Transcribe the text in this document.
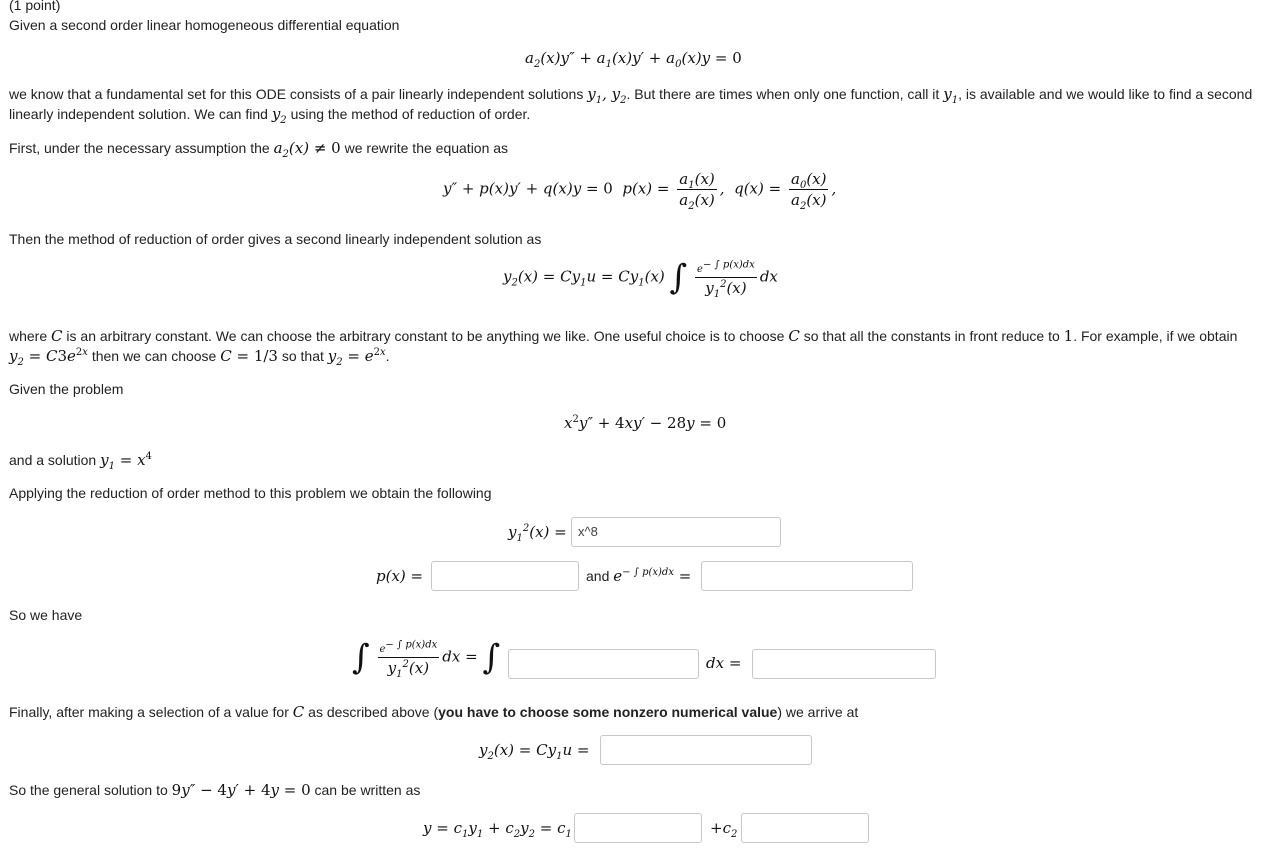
(1 point)
Given a second order linear homogeneous differential equation
$a_2(x)y'' + a_1(x)y' + a_0(x)y = 0$
we know that a fundamental set for this ODE consists of a pair linearly independent solutions $y_1$, $y_2$. But there are times when only one function, call it $y_1$, is available and we would like to find a second
linearly independent solution. We can find $y_2$ using the method of reduction of order.
First, under the necessary assumption the $a_2(x) \ne 0$ we rewrite the equation as
y″ + p(x)y′ + q(x)y = 0  $p(x) = \frac{a_1(x)}{a_2(x)}$ ,  $q(x) = \frac{a_0(x)}{a_2(x)}$ ,
Then the method of reduction of order gives a second linearly independent solution as
$y_2(x) = Cy_1u = Cy_1(x)$ ∫ $\frac{e^{- \int p(x)dx}}{y_1^2(x)}$ dx
where C is an arbitrary constant. We can choose the arbitrary constant to be anything we like. One useful choice is to choose C so that all the constants in front reduce to 1. For example, if we obtain
$y_2 = C3e^{2x}$ then we can choose C = 1/3 so that $y_2 = e^{2x}$.
Given the problem
$x^2y'' + 4xy' - 28y = 0$
and a solution $y_1 = x^4$
Applying the reduction of order method to this problem we obtain the following
$y_1^2(x)$ = x^8
p(x) =	and $e^{- \int p(x)dx}$ =
So we have
∫ $\frac{e^{- \int p(x)dx}}{y_1^2(x)}$ dx = ∫	dx =
Finally, after making a selection of a value for C as described above (you have to choose some nonzero numerical value) we arrive at
$y_2(x) = Cy_1u$ =
So the general solution to 9y″ − 4y′ + 4y = 0 can be written as
$y = c_1y_1 + c_2y_2 = c_1$	$+c_2$
